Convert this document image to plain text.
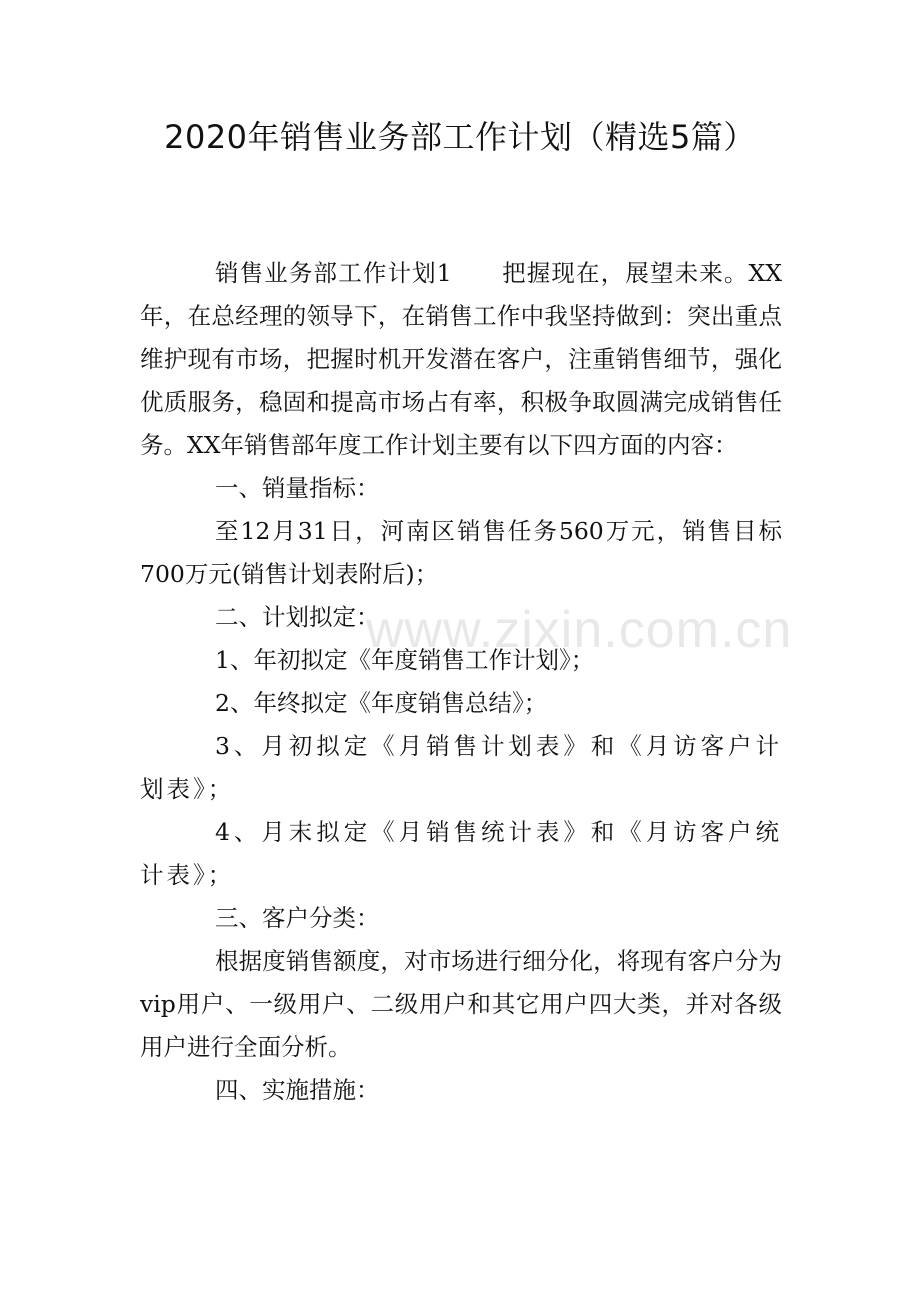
2020年销售业务部工作计划（精选5篇）

销售业务部工作计划1　　把握现在，展望未来。XX年，在总经理的领导下，在销售工作中我坚持做到：突出重点维护现有市场，把握时机开发潜在客户，注重销售细节，强化优质服务，稳固和提高市场占有率，积极争取圆满完成销售任务。XX年销售部年度工作计划主要有以下四方面的内容：

一、销量指标：

至12月31日，河南区销售任务560万元，销售目标700万元(销售计划表附后)；

二、计划拟定：

1、年初拟定《年度销售工作计划》；

2、年终拟定《年度销售总结》；

3、月初拟定《月销售计划表》和《月访客户计划表》；

4、月末拟定《月销售统计表》和《月访客户统计表》；

三、客户分类：

根据度销售额度，对市场进行细分化，将现有客户分为vip用户、一级用户、二级用户和其它用户四大类，并对各级用户进行全面分析。

四、实施措施：

www.zixin.com.cn
